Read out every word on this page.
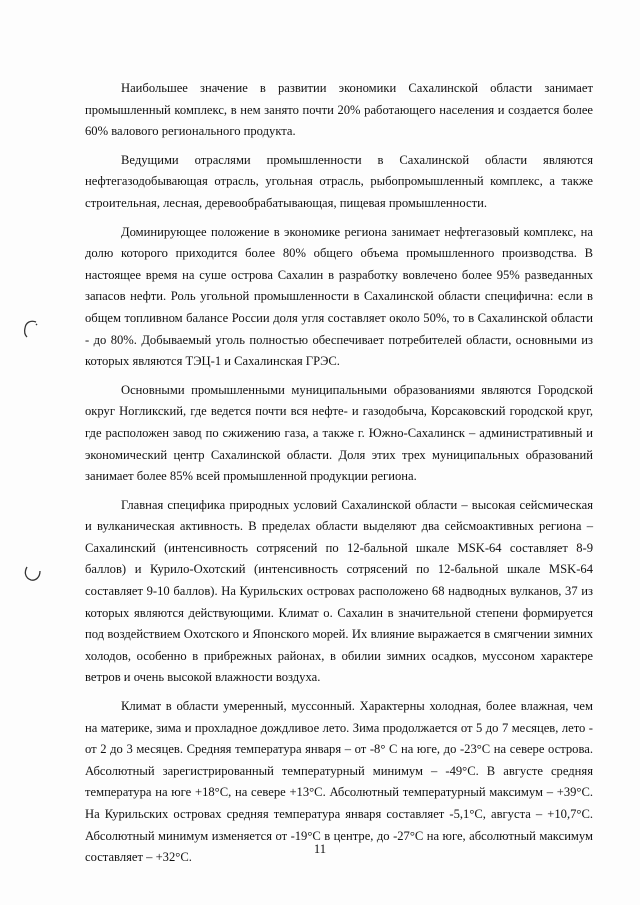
Наибольшее значение в развитии экономики Сахалинской области занимает промышленный комплекс, в нем занято почти 20% работающего населения и создается более 60% валового регионального продукта.

Ведущими отраслями промышленности в Сахалинской области являются нефтегазодобывающая отрасль, угольная отрасль, рыбопромышленный комплекс, а также строительная, лесная, деревообрабатывающая, пищевая промышленности.

Доминирующее положение в экономике региона занимает нефтегазовый комплекс, на долю которого приходится более 80% общего объема промышленного производства. В настоящее время на суше острова Сахалин в разработку вовлечено более 95% разведанных запасов нефти. Роль угольной промышленности в Сахалинской области специфична: если в общем топливном балансе России доля угля составляет около 50%, то в Сахалинской области - до 80%. Добываемый уголь полностью обеспечивает потребителей области, основными из которых являются ТЭЦ-1 и Сахалинская ГРЭС.

Основными промышленными муниципальными образованиями являются Городской округ Ногликский, где ведется почти вся нефте- и газодобыча, Корсаковский городской круг, где расположен завод по сжижению газа, а также г. Южно-Сахалинск – административный и экономический центр Сахалинской области. Доля этих трех муниципальных образований занимает более 85% всей промышленной продукции региона.

Главная специфика природных условий Сахалинской области – высокая сейсмическая и вулканическая активность. В пределах области выделяют два сейсмоактивных региона – Сахалинский (интенсивность сотрясений по 12-бальной шкале MSK-64 составляет 8-9 баллов) и Курило-Охотский (интенсивность сотрясений по 12-бальной шкале MSK-64 составляет 9-10 баллов). На Курильских островах расположено 68 надводных вулканов, 37 из которых являются действующими. Климат о. Сахалин в значительной степени формируется под воздействием Охотского и Японского морей. Их влияние выражается в смягчении зимних холодов, особенно в прибрежных районах, в обилии зимних осадков, муссоном характере ветров и очень высокой влажности воздуха.

Климат в области умеренный, муссонный. Характерны холодная, более влажная, чем на материке, зима и прохладное дождливое лето. Зима продолжается от 5 до 7 месяцев, лето - от 2 до 3 месяцев. Средняя температура января – от -8° С на юге, до -23°С на севере острова. Абсолютный зарегистрированный температурный минимум – -49°С. В августе средняя температура на юге +18°С, на севере +13°С. Абсолютный температурный максимум – +39°С. На Курильских островах средняя температура января составляет -5,1°С, августа – +10,7°С. Абсолютный минимум изменяется от -19°С в центре, до -27°С на юге, абсолютный максимум составляет – +32°С.

11
